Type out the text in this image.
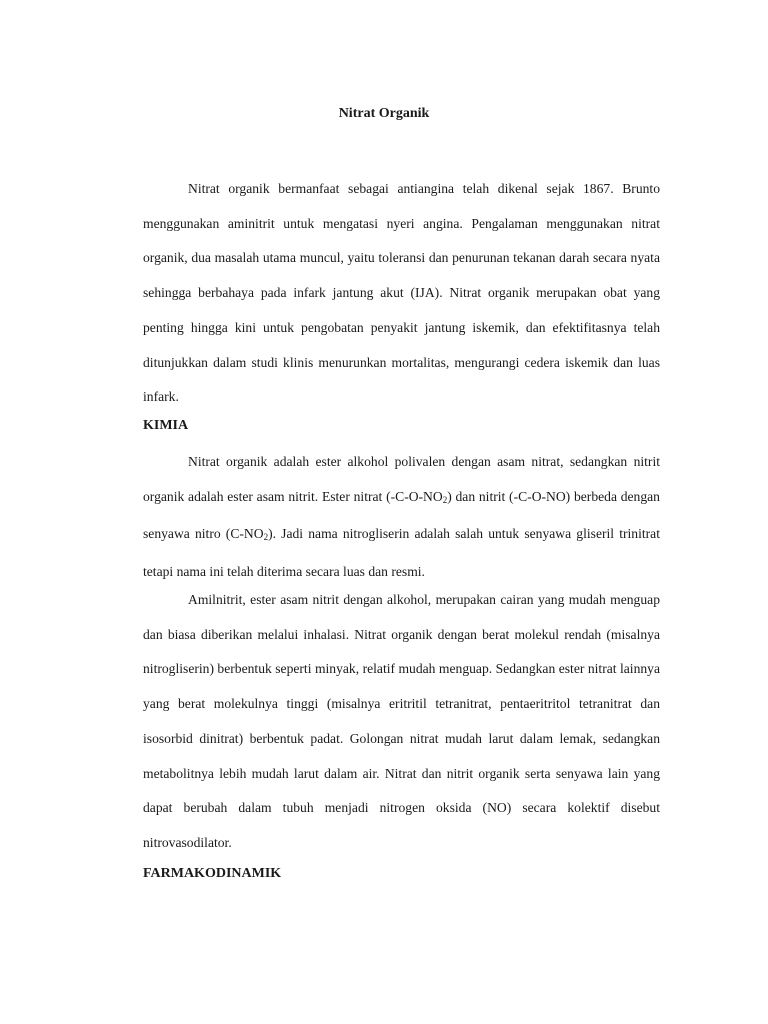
Nitrat Organik

Nitrat organik bermanfaat sebagai antiangina telah dikenal sejak 1867. Brunto menggunakan aminitrit untuk mengatasi nyeri angina. Pengalaman menggunakan nitrat organik, dua masalah utama muncul, yaitu toleransi dan penurunan tekanan darah secara nyata sehingga berbahaya pada infark jantung akut (IJA). Nitrat organik merupakan obat yang penting hingga kini untuk pengobatan penyakit jantung iskemik, dan efektifitasnya telah ditunjukkan dalam studi klinis menurunkan mortalitas, mengurangi cedera iskemik dan luas infark.

KIMIA

Nitrat organik adalah ester alkohol polivalen dengan asam nitrat, sedangkan nitrit organik adalah ester asam nitrit. Ester nitrat $(-C-O-NO_2)$ dan nitrit (-C-O-NO) berbeda dengan senyawa nitro $(C-NO_2)$. Jadi nama nitrogliserin adalah salah untuk senyawa gliseril trinitrat tetapi nama ini telah diterima secara luas dan resmi.

Amilnitrit, ester asam nitrit dengan alkohol, merupakan cairan yang mudah menguap dan biasa diberikan melalui inhalasi. Nitrat organik dengan berat molekul rendah (misalnya nitrogliserin) berbentuk seperti minyak, relatif mudah menguap. Sedangkan ester nitrat lainnya yang berat molekulnya tinggi (misalnya eritritil tetranitrat, pentaeritritol tetranitrat dan isosorbid dinitrat) berbentuk padat. Golongan nitrat mudah larut dalam lemak, sedangkan metabolitnya lebih mudah larut dalam air. Nitrat dan nitrit organik serta senyawa lain yang dapat berubah dalam tubuh menjadi nitrogen oksida (NO) secara kolektif disebut nitrovasodilator.

FARMAKODINAMIK
